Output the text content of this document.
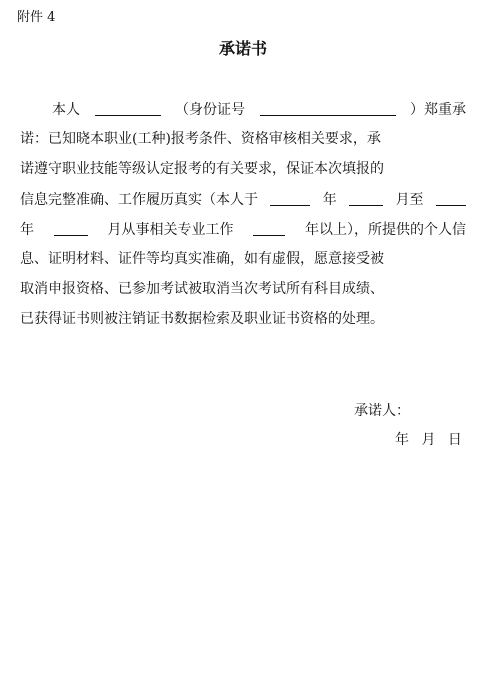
附件 4
承诺书
本人	（身份证号	）郑重承
诺：已知晓本职业(工种)报考条件、资格审核相关要求，承
诺遵守职业技能等级认定报考的有关要求，保证本次填报的
信息完整准确、工作履历真实（本人于	年	月至
年	月从事相关专业工作	年以上），所提供的个人信
息、证明材料、证件等均真实准确，如有虚假，愿意接受被
取消申报资格、已参加考试被取消当次考试所有科目成绩、
已获得证书则被注销证书数据检索及职业证书资格的处理。
承诺人：
年 月 日
